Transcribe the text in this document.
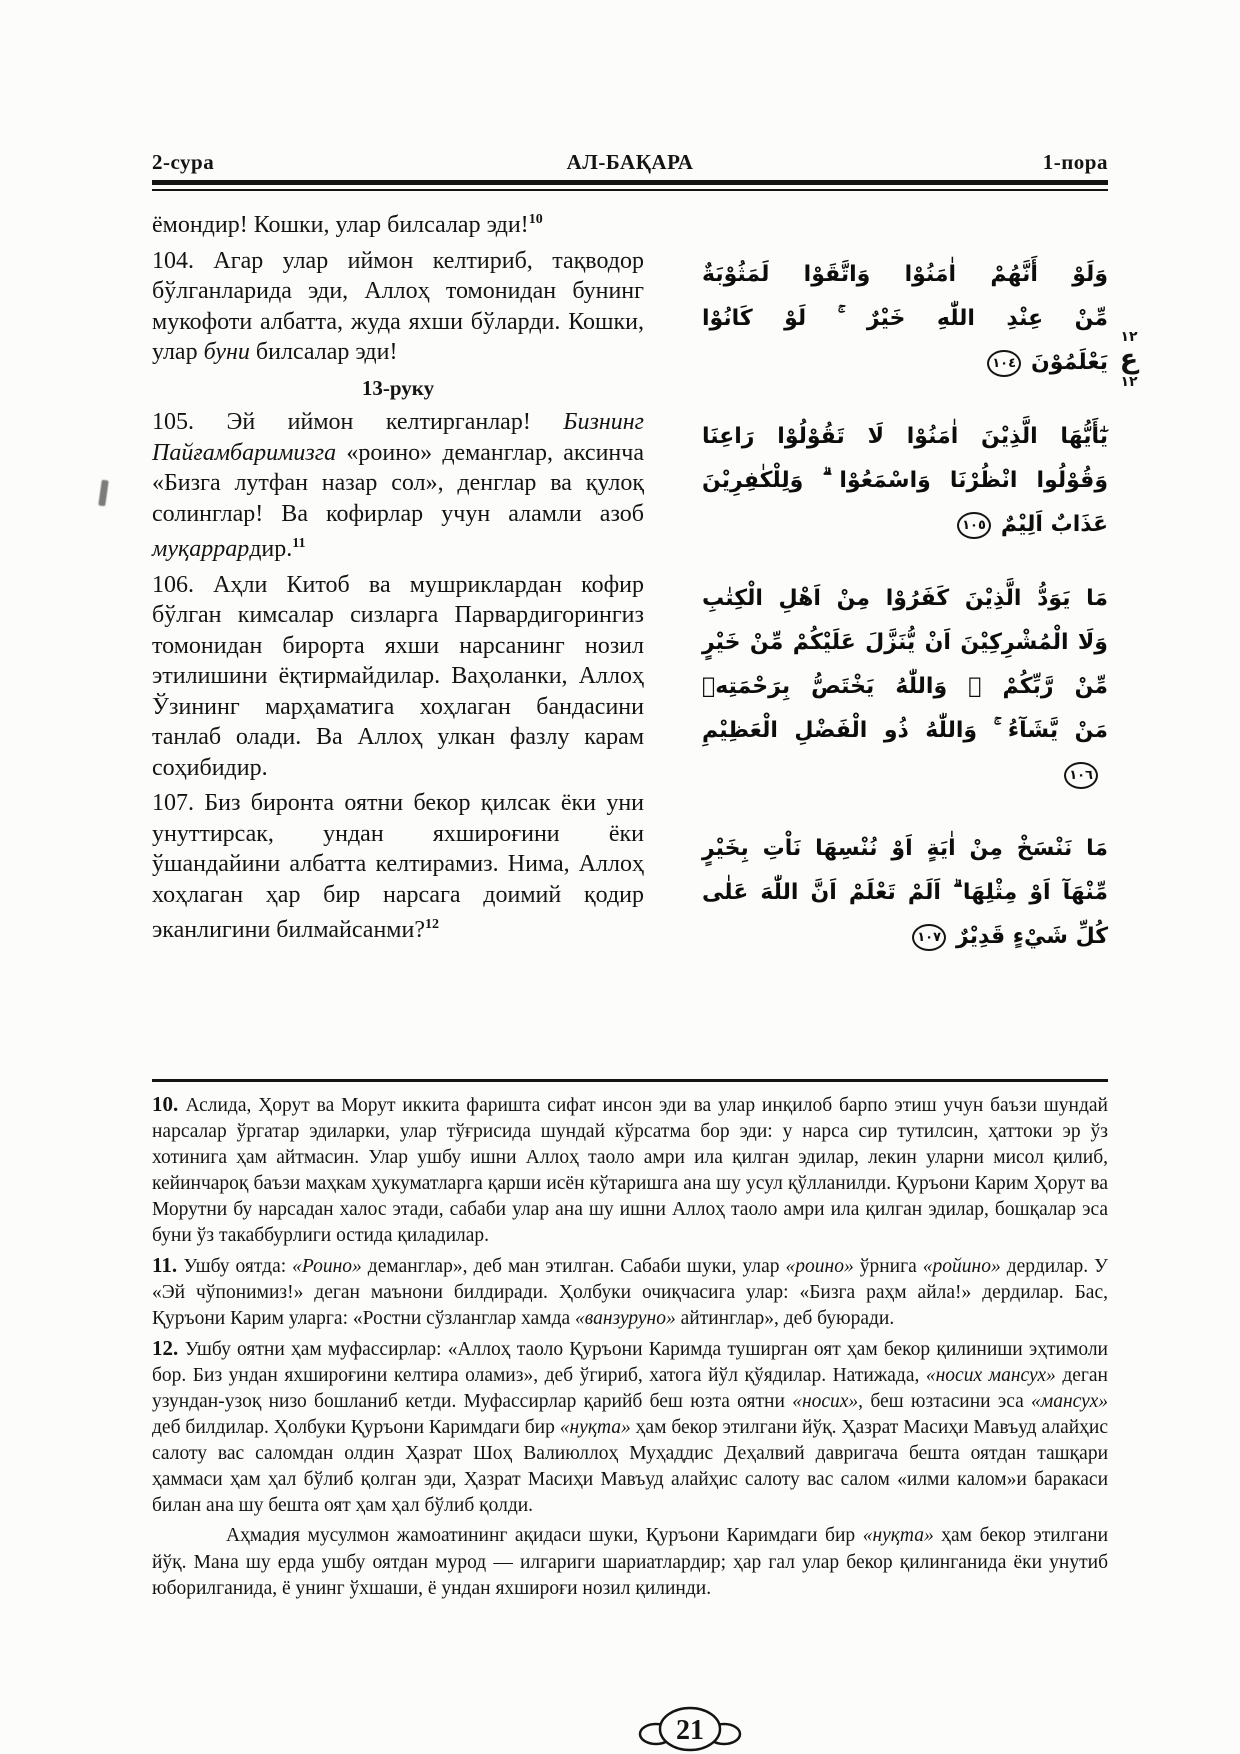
2-сура	АЛ-БАҚАРА	1-пора

ёмондир! Кошки, улар билсалар эди!$^{10}$

104. Агар улар иймон келтириб, тақводор бўлганларида эди, Аллоҳ томонидан бунинг мукофоти албатта, жуда яхши бўларди. Кошки, улар буни билсалар эди!

13-руку

105. Эй иймон келтирганлар! Бизнинг Пайғамбаримизга «роино» деманглар, аксинча «Бизга лутфан назар сол», денглар ва қулоқ солинглар! Ва кофирлар учун аламли азоб муқаррардир.$^{11}$

106. Аҳли Китоб ва мушриклардан кофир бўлган кимсалар сизларга Парвардигорингиз томонидан бирорта яхши нарсанинг нозил этилишини ёқтирмайдилар. Ваҳоланки, Аллоҳ Ўзининг марҳаматига хоҳлаган бандасини танлаб олади. Ва Аллоҳ улкан фазлу карам соҳибидир.

107. Биз биронта оятни бекор қилсак ёки уни унуттирсак, ундан яхшироғини ёки ўшандайини албатта келтирамиз. Нима, Аллоҳ хоҳлаган ҳар бир нарсага доимий қодир эканлигини билмайсанми?$^{12}$

وَلَوْ أَنَّهُمْ اٰمَنُوْا وَاتَّقَوْا لَمَثُوْبَةٌ
مِّنْ عِنْدِ اللّٰهِ خَيْرٌ ۚ لَوْ كَانُوْا
يَعْلَمُوْنَ١٠٤
يٰٓأَيُّهَا الَّذِيْنَ اٰمَنُوْا لَا تَقُوْلُوْا رَاعِنَا
وَقُوْلُوا انْظُرْنَا وَاسْمَعُوْا ۗ وَلِلْكٰفِرِيْنَ
عَذَابٌ اَلِيْمٌ١٠٥
مَا يَوَدُّ الَّذِيْنَ كَفَرُوْا مِنْ اَهْلِ الْكِتٰبِ
وَلَا الْمُشْرِكِيْنَ اَنْ يُّنَزَّلَ عَلَيْكُمْ مِّنْ خَيْرٍ
مِّنْ رَّبِّكُمْ ۗ وَاللّٰهُ يَخْتَصُّ بِرَحْمَتِهٖ
مَنْ يَّشَآءُ ۚ وَاللّٰهُ ذُو الْفَضْلِ الْعَظِيْمِ١٠٦
مَا نَنْسَخْ مِنْ اٰيَةٍ اَوْ نُنْسِهَا نَاْتِ بِخَيْرٍ
مِّنْهَآ اَوْ مِثْلِهَا ۗ اَلَمْ تَعْلَمْ اَنَّ اللّٰهَ عَلٰى
كُلِّ شَيْءٍ قَدِيْرٌ١٠٧

10. Аслида, Ҳорут ва Морут иккита фаришта сифат инсон эди ва улар инқилоб барпо этиш учун баъзи шундай нарсалар ўргатар эдиларки, улар тўғрисида шундай кўрсатма бор эди: у нарса сир тутилсин, ҳаттоки эр ўз хотинига ҳам айтмасин. Улар ушбу ишни Аллоҳ таоло амри ила қилган эдилар, лекин уларни мисол қилиб, кейинчароқ баъзи маҳкам ҳукуматларга қарши исён кўтаришга ана шу усул қўлланилди. Қуръони Карим Ҳорут ва Морутни бу нарсадан халос этади, сабаби улар ана шу ишни Аллоҳ таоло амри ила қилган эдилар, бошқалар эса буни ўз такаббурлиги остида қиладилар.

11. Ушбу оятда: «Роино» деманглар», деб ман этилган. Сабаби шуки, улар «роино» ўрнига «ройино» дердилар. У «Эй чўпонимиз!» деган маънони билдиради. Ҳолбуки очиқчасига улар: «Бизга раҳм айла!» дердилар. Бас, Қуръони Карим уларга: «Ростни сўзланглар хамда «ванзуруно» айтинглар», деб буюради.

12. Ушбу оятни ҳам муфассирлар: «Аллоҳ таоло Қуръони Каримда туширган оят ҳам бекор қилиниши эҳтимоли бор. Биз ундан яхшироғини келтира оламиз», деб ўгириб, хатога йўл қўядилар. Натижада, «носих мансух» деган узундан-узоқ низо бошланиб кетди. Муфассирлар қарийб беш юзта оятни «носих», беш юзтасини эса «мансух» деб билдилар. Ҳолбуки Қуръони Каримдаги бир «нуқта» ҳам бекор этилгани йўқ. Ҳазрат Масиҳи Мавъуд алайҳис салоту вас саломдан олдин Ҳазрат Шоҳ Валиюллоҳ Муҳаддис Деҳалвий давригача бешта оятдан ташқари ҳаммаси ҳам ҳал бўлиб қолган эди, Ҳазрат Масиҳи Мавъуд алайҳис салоту вас салом «илми калом»и баракаси билан ана шу бешта оят ҳам ҳал бўлиб қолди.

Аҳмадия мусулмон жамоатининг ақидаси шуки, Қуръони Каримдаги бир «нуқта» ҳам бекор этилгани йўқ. Мана шу ерда ушбу оятдан мурод — илгариги шариатлардир; ҳар гал улар бекор қилинганида ёки унутиб юборилганида, ё унинг ўхшаши, ё ундан яхшироғи нозил қилинди.

١٢
ع
١٢
21
